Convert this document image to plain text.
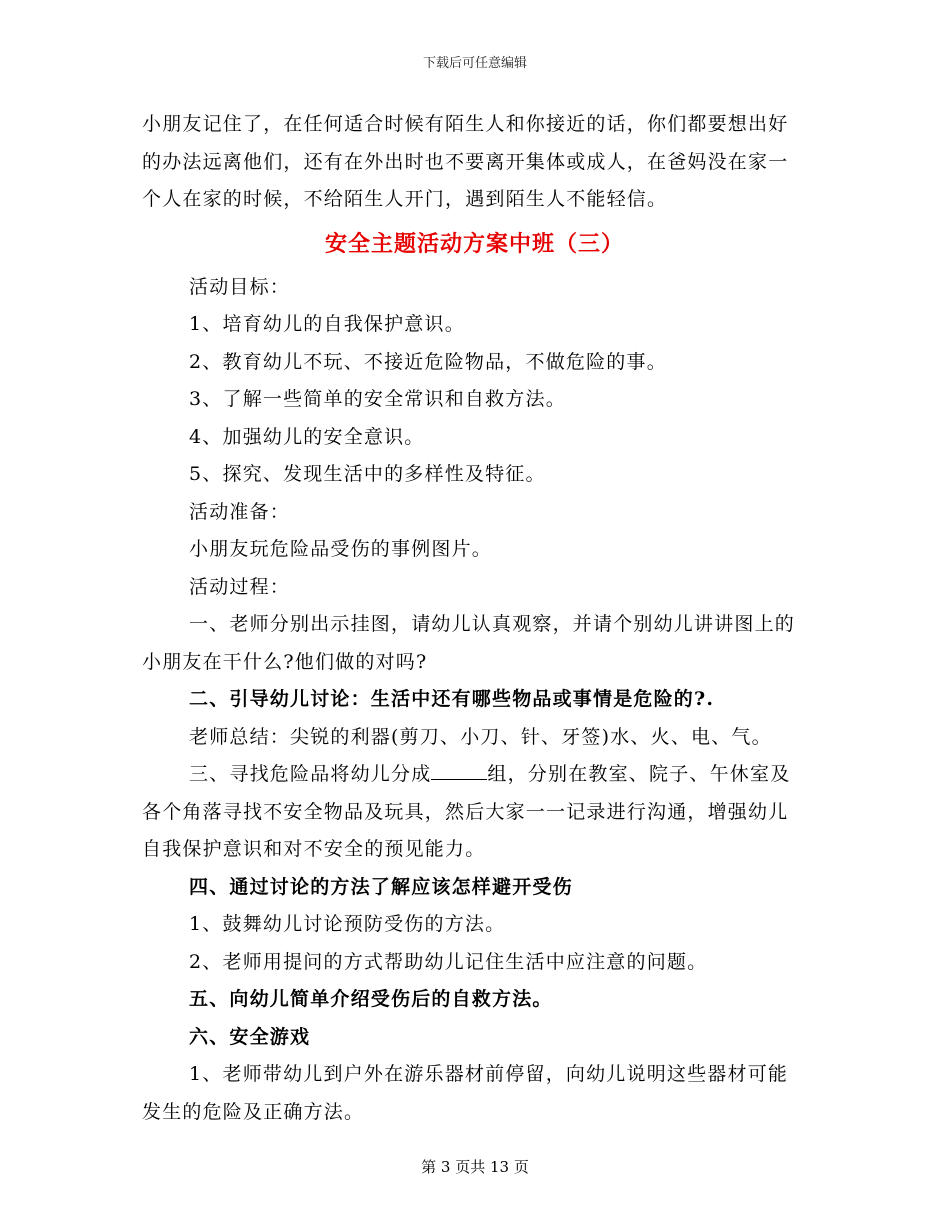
下载后可任意编辑

小朋友记住了，在任何适合时候有陌生人和你接近的话，你们都要想出好的办法远离他们，还有在外出时也不要离开集体或成人，在爸妈没在家一个人在家的时候，不给陌生人开门，遇到陌生人不能轻信。

安全主题活动方案中班（三）

活动目标：

1、培育幼儿的自我保护意识。

2、教育幼儿不玩、不接近危险物品，不做危险的事。

3、了解一些简单的安全常识和自救方法。

4、加强幼儿的安全意识。

5、探究、发现生活中的多样性及特征。

活动准备：

小朋友玩危险品受伤的事例图片。

活动过程：

一、老师分别出示挂图，请幼儿认真观察，并请个别幼儿讲讲图上的小朋友在干什么?他们做的对吗?

二、引导幼儿讨论：生活中还有哪些物品或事情是危险的?.

老师总结：尖锐的利器(剪刀、小刀、针、牙签)水、火、电、气。

三、寻找危险品将幼儿分成	组，分别在教室、院子、午休室及各个角落寻找不安全物品及玩具，然后大家一一记录进行沟通，增强幼儿自我保护意识和对不安全的预见能力。

四、通过讨论的方法了解应该怎样避开受伤

1、鼓舞幼儿讨论预防受伤的方法。

2、老师用提问的方式帮助幼儿记住生活中应注意的问题。

五、向幼儿简单介绍受伤后的自救方法。

六、安全游戏

1、老师带幼儿到户外在游乐器材前停留，向幼儿说明这些器材可能发生的危险及正确方法。

第 3 页共 13 页
